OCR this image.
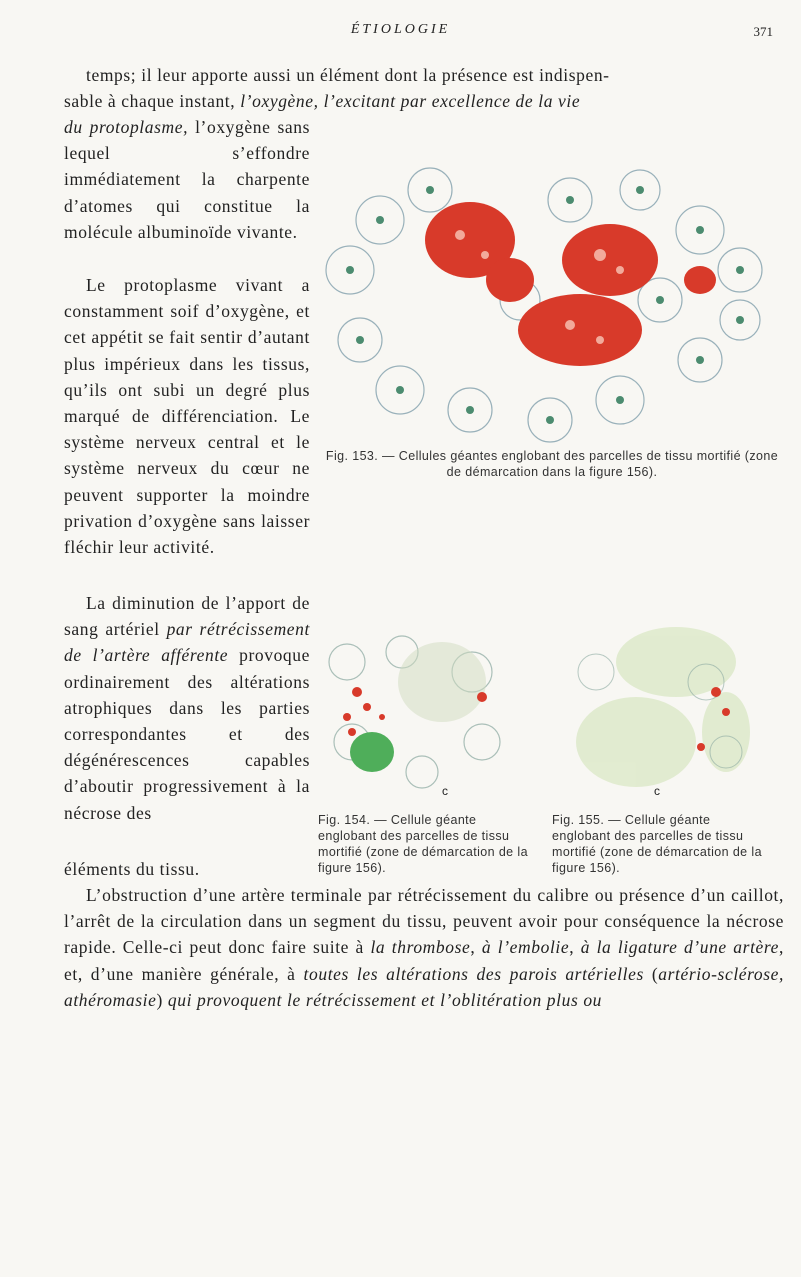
ÉTIOLOGIE	371
temps; il leur apporte aussi un élément dont la présence est indispen-
sable à chaque instant, l’oxygène, l’excitant par excellence de la vie
du protoplasme, l’oxygène sans lequel s’effondre immédiatement la charpente d’atomes qui constitue la molécule albuminoïde vivante.
Le protoplasme vivant a constamment soif d’oxygène, et cet appétit se fait sentir d’autant plus impérieux dans les tissus, qu’ils ont subi un degré plus marqué de différenciation. Le système nerveux central et le système nerveux du cœur ne peuvent supporter la moindre privation d’oxygène sans laisser fléchir leur activité.
La diminution de l’apport de sang artériel par rétrécissement de l’artère afférente provoque ordinairement des altérations atrophiques dans les parties correspondantes et des dégénérescences capables d’aboutir progressivement à la nécrose des
éléments du tissu.
L’obstruction d’une artère terminale par rétrécissement du calibre ou présence d’un caillot, l’arrêt de la circulation dans un segment du tissu, peuvent avoir pour conséquence la nécrose rapide. Celle-ci peut donc faire suite à la thrombose, à l’embolie, à la ligature d’une artère, et, d’une manière générale, à toutes les altérations des parois artérielles (artério-sclérose, athéromasie) qui provoquent le rétrécissement et l’oblitération plus ou
Fig. 153. — Cellules géantes englobant des parcelles de tissu mortifié (zone de démarcation dans la figure 156).
c
Fig. 154. — Cellule géante englobant des parcelles de tissu mortifié (zone de démarcation de la figure 156).
c
Fig. 155. — Cellule géante englobant des parcelles de tissu mortifié (zone de démarcation de la figure 156).
